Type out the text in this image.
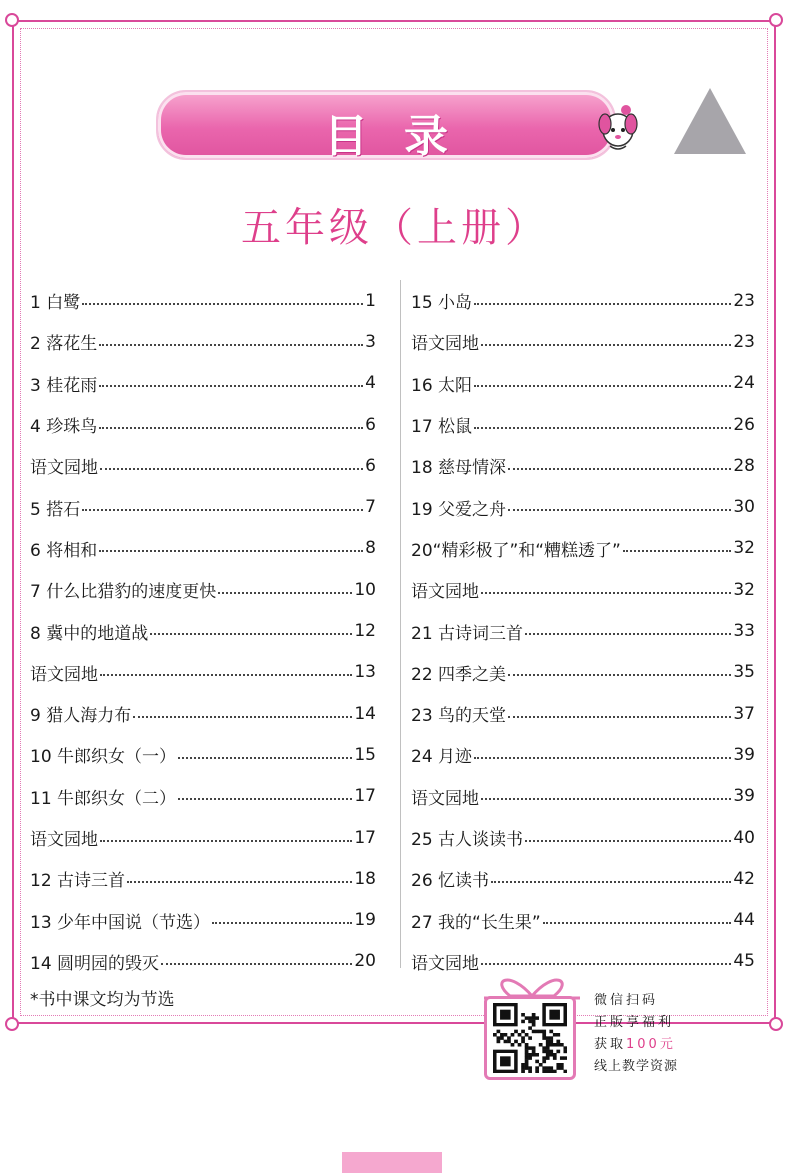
目录
五年级（上册）
1 白鹭	1
2 落花生	3
3 桂花雨	4
4 珍珠鸟	6
语文园地	6
5 搭石	7
6 将相和	8
7 什么比猎豹的速度更快	10
8 冀中的地道战	12
语文园地	13
9 猎人海力布	14
10 牛郎织女（一）	15
11 牛郎织女（二）	17
语文园地	17
12 古诗三首	18
13 少年中国说（节选）	19
14 圆明园的毁灭	20
15 小岛	23
语文园地	23
16 太阳	24
17 松鼠	26
18 慈母情深	28
19 父爱之舟	30
20“精彩极了”和“糟糕透了”	32
语文园地	32
21 古诗词三首	33
22 四季之美	35
23 鸟的天堂	37
24 月迹	39
语文园地	39
25 古人谈读书	40
26 忆读书	42
27 我的“长生果”	44
语文园地	45
*书中课文均为节选	微信扫码
正版享福利
获取100元
线上教学资源
